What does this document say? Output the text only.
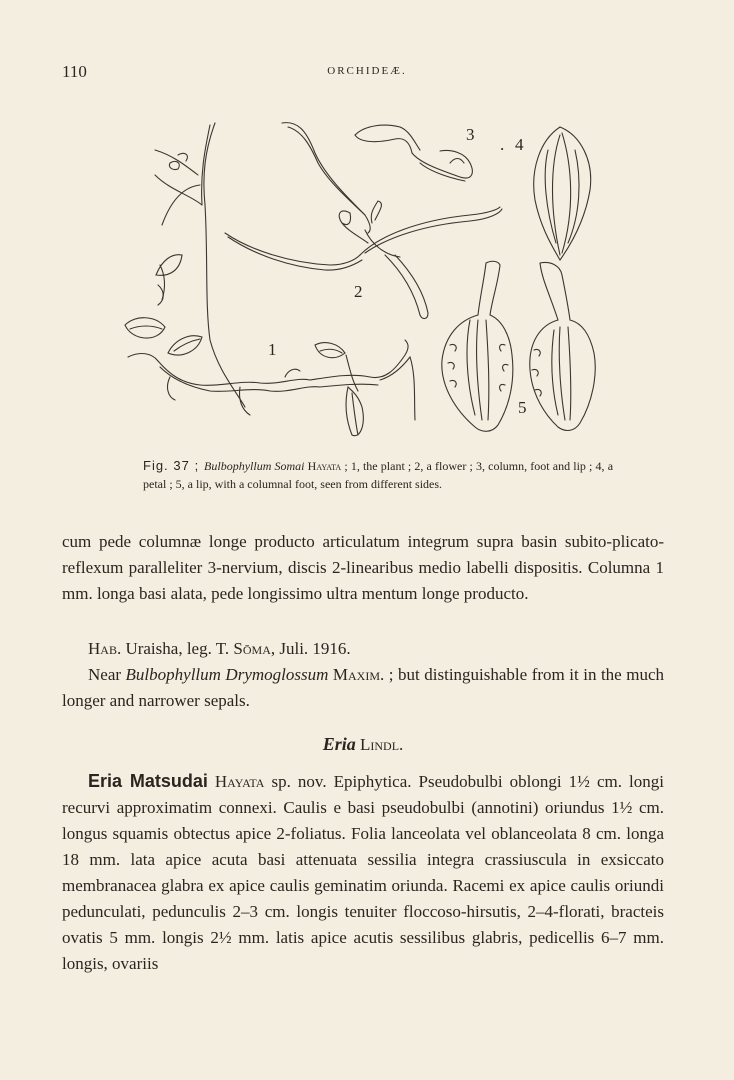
110	ORCHIDEÆ.
1
2
3
. 4
5
Fig. 37 ; Bulbophyllum Somai Hayata ; 1, the plant ; 2, a flower ; 3, column, foot and lip ; 4, a petal ; 5, a lip, with a columnal foot, seen from different sides.

cum pede columnæ longe producto articulatum integrum supra basin subito-plicato-reflexum paralleliter 3-nervium, discis 2-linearibus medio labelli dispositis. Columna 1 mm. longa basi alata, pede longissimo ultra mentum longe producto.

Hab. Uraisha, leg. T. Sōma, Juli. 1916.

Near Bulbophyllum Drymoglossum Maxim. ; but distinguishable from it in the much longer and narrower sepals.

Eria Lindl.

Eria Matsudai Hayata sp. nov. Epiphytica. Pseudobulbi oblongi 1½ cm. longi recurvi approximatim connexi. Caulis e basi pseudobulbi (annotini) oriundus 1½ cm. longus squamis obtectus apice 2-foliatus. Folia lanceolata vel oblanceolata 8 cm. longa 18 mm. lata apice acuta basi attenuata sessilia integra crassiuscula in exsiccato membranacea glabra ex apice caulis geminatim oriunda. Racemi ex apice caulis oriundi pedunculati, pedunculis 2–3 cm. longis tenuiter floccoso-hirsutis, 2–4-florati, bracteis ovatis 5 mm. longis 2½ mm. latis apice acutis sessilibus glabris, pedicellis 6–7 mm. longis, ovariis
